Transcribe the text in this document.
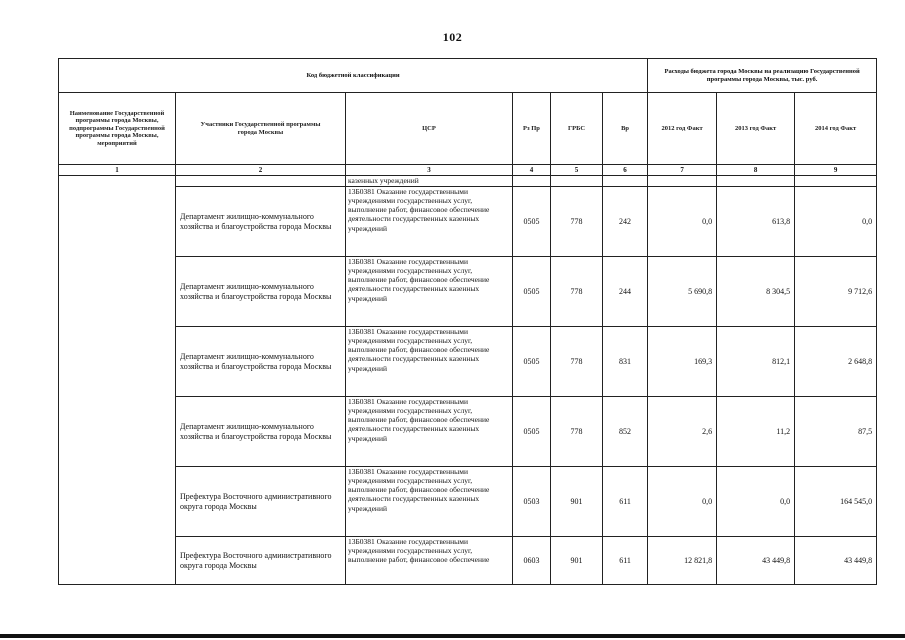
102
Код бюджетной классификации						Расходы бюджета города Москвы на реализацию Государственной программы города Москвы, тыс. руб.		
Наименование Государственной программы города Москвы, подпрограммы Государственной программы города Москвы, мероприятий	Участники Государственной программы города Москвы	ЦСР	Рз Пр	ГРБС	Вр	2012 год Факт	2013 год Факт	2014 год Факт
1	2	3	4	5	6	7	8	9
		казенных учреждений						
	Департамент жилищно-коммунального хозяйства и благоустройства города Москвы	13Б0381 Оказание государственными учреждениями государственных услуг, выполнение работ, финансовое обеспечение деятельности государственных казенных учреждений	0505	778	242	0,0	613,8	0,0
	Департамент жилищно-коммунального хозяйства и благоустройства города Москвы	13Б0381 Оказание государственными учреждениями государственных услуг, выполнение работ, финансовое обеспечение деятельности государственных казенных учреждений	0505	778	244	5 690,8	8 304,5	9 712,6
	Департамент жилищно-коммунального хозяйства и благоустройства города Москвы	13Б0381 Оказание государственными учреждениями государственных услуг, выполнение работ, финансовое обеспечение деятельности государственных казенных учреждений	0505	778	831	169,3	812,1	2 648,8
	Департамент жилищно-коммунального хозяйства и благоустройства города Москвы	13Б0381 Оказание государственными учреждениями государственных услуг, выполнение работ, финансовое обеспечение деятельности государственных казенных учреждений	0505	778	852	2,6	11,2	87,5
	Префектура Восточного административного округа города Москвы	13Б0381 Оказание государственными учреждениями государственных услуг, выполнение работ, финансовое обеспечение деятельности государственных казенных учреждений	0503	901	611	0,0	0,0	164 545,0
	Префектура Восточного административного округа города Москвы	13Б0381 Оказание государственными учреждениями государственных услуг, выполнение работ, финансовое обеспечение	0603	901	611	12 821,8	43 449,8	43 449,8
